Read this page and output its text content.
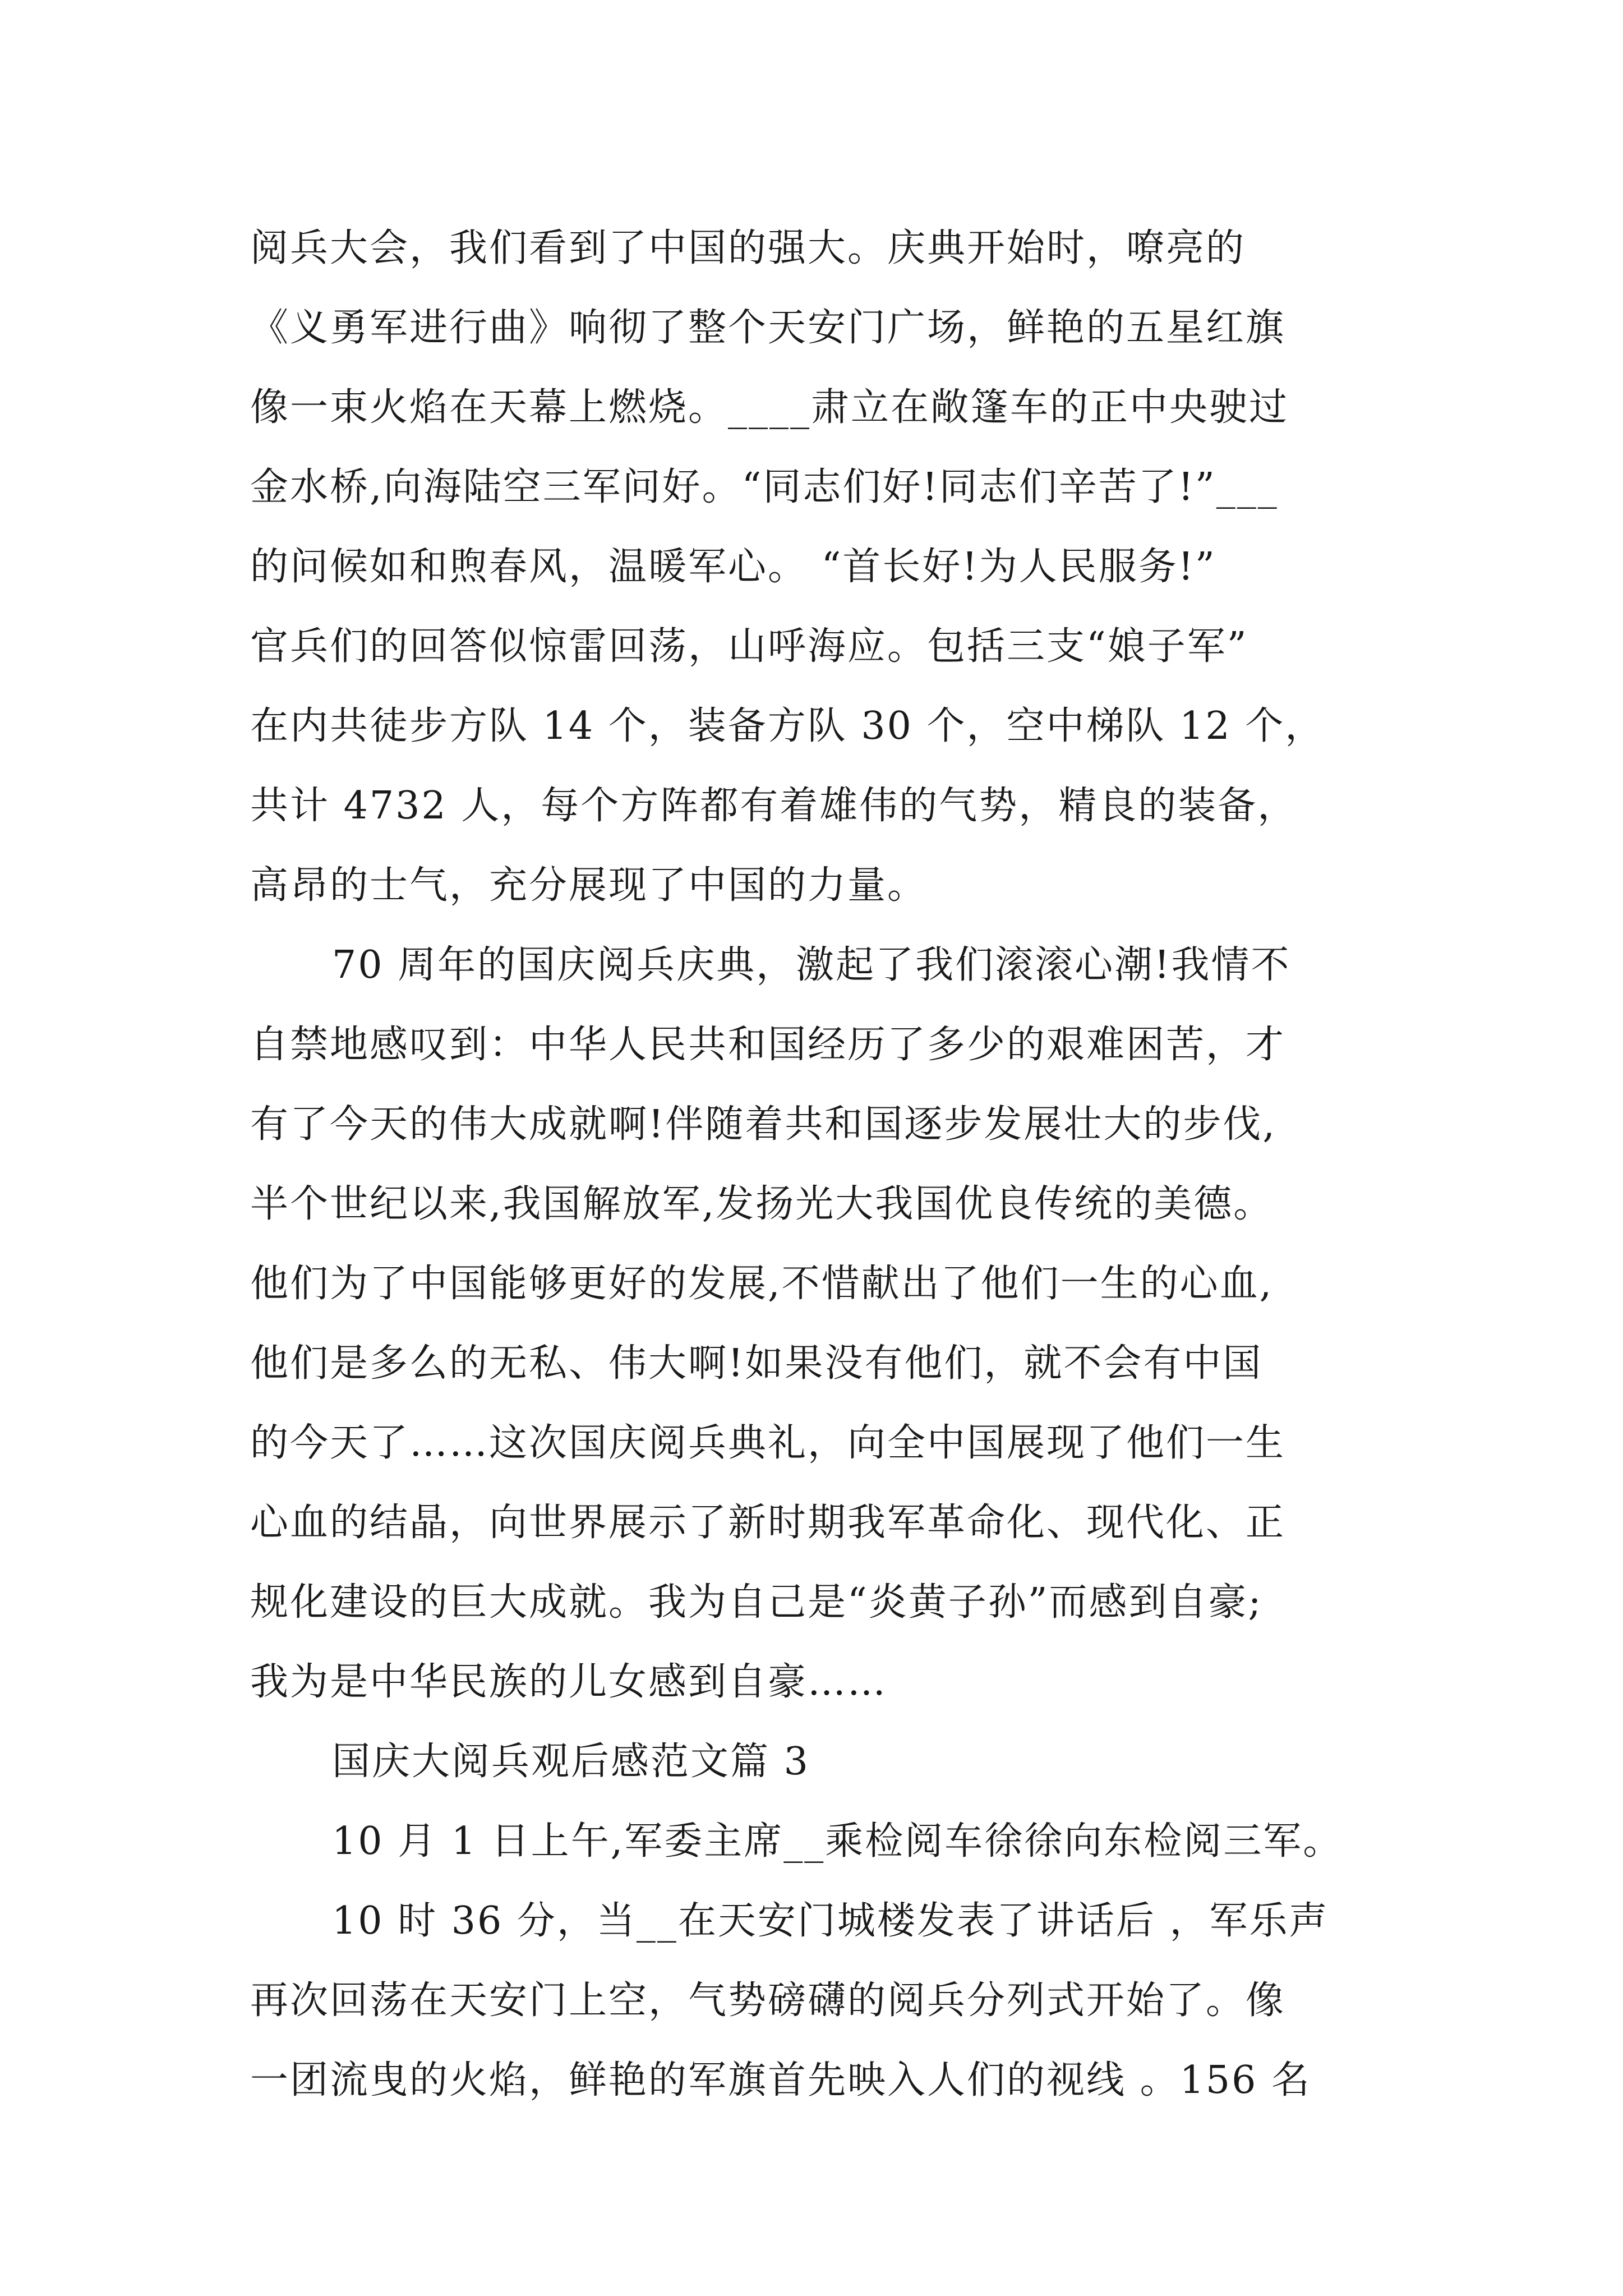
阅兵大会，我们看到了中国的强大。庆典开始时，嘹亮的
《义勇军进行曲》响彻了整个天安门广场，鲜艳的五星红旗
像一束火焰在天幕上燃烧。____肃立在敞篷车的正中央驶过
金水桥,向海陆空三军问好。“同志们好!同志们辛苦了!”___
的问候如和煦春风，温暖军心。 “首长好!为人民服务!”
官兵们的回答似惊雷回荡，山呼海应。包括三支“娘子军”
在内共徒步方队 14 个，装备方队 30 个，空中梯队 12 个，
共计 4732 人，每个方阵都有着雄伟的气势，精良的装备，
高昂的士气，充分展现了中国的力量。
70 周年的国庆阅兵庆典，激起了我们滚滚心潮!我情不
自禁地感叹到：中华人民共和国经历了多少的艰难困苦，才
有了今天的伟大成就啊!伴随着共和国逐步发展壮大的步伐,
半个世纪以来,我国解放军,发扬光大我国优良传统的美德。
他们为了中国能够更好的发展,不惜献出了他们一生的心血,
他们是多么的无私、伟大啊!如果没有他们，就不会有中国
的今天了……这次国庆阅兵典礼，向全中国展现了他们一生
心血的结晶，向世界展示了新时期我军革命化、现代化、正
规化建设的巨大成就。我为自己是“炎黄子孙”而感到自豪;
我为是中华民族的儿女感到自豪……
国庆大阅兵观后感范文篇 3
10 月 1 日上午,军委主席__乘检阅车徐徐向东检阅三军。
10 时 36 分，当__在天安门城楼发表了讲话后 ，军乐声
再次回荡在天安门上空，气势磅礴的阅兵分列式开始了。像
一团流曳的火焰，鲜艳的军旗首先映入人们的视线 。156 名
